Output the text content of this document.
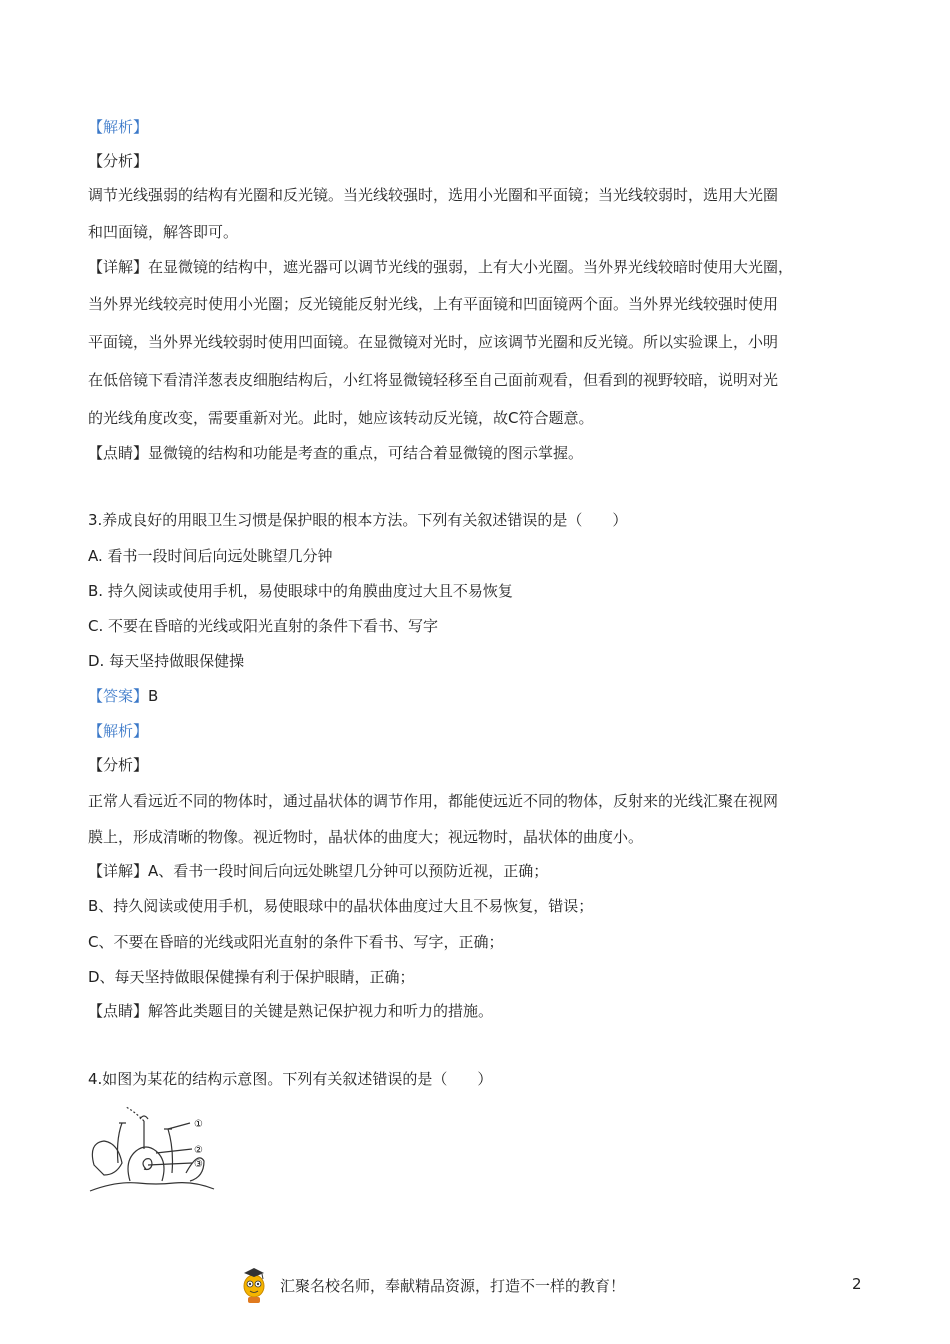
【解析】
【分析】
调节光线强弱的结构有光圈和反光镜。当光线较强时，选用小光圈和平面镜；当光线较弱时，选用大光圈
和凹面镜，解答即可。
【详解】在显微镜的结构中，遮光器可以调节光线的强弱，上有大小光圈。当外界光线较暗时使用大光圈，
当外界光线较亮时使用小光圈；反光镜能反射光线，上有平面镜和凹面镜两个面。当外界光线较强时使用
平面镜，当外界光线较弱时使用凹面镜。在显微镜对光时，应该调节光圈和反光镜。所以实验课上，小明
在低倍镜下看清洋葱表皮细胞结构后，小红将显微镜轻移至自己面前观看，但看到的视野较暗，说明对光
的光线角度改变，需要重新对光。此时，她应该转动反光镜，故C符合题意。
【点睛】显微镜的结构和功能是考查的重点，可结合着显微镜的图示掌握。
3.养成良好的用眼卫生习惯是保护眼的根本方法。下列有关叙述错误的是（　　）
A. 看书一段时间后向远处眺望几分钟
B. 持久阅读或使用手机，易使眼球中的角膜曲度过大且不易恢复
C. 不要在昏暗的光线或阳光直射的条件下看书、写字
D. 每天坚持做眼保健操
【答案】B
【解析】
【分析】
正常人看远近不同的物体时，通过晶状体的调节作用，都能使远近不同的物体，反射来的光线汇聚在视网
膜上，形成清晰的物像。视近物时，晶状体的曲度大；视远物时，晶状体的曲度小。
【详解】A、看书一段时间后向远处眺望几分钟可以预防近视，正确；
B、持久阅读或使用手机，易使眼球中的晶状体曲度过大且不易恢复，错误；
C、不要在昏暗的光线或阳光直射的条件下看书、写字，正确；
D、每天坚持做眼保健操有利于保护眼睛，正确；
【点睛】解答此类题目的关键是熟记保护视力和听力的措施。
4.如图为某花的结构示意图。下列有关叙述错误的是（　　）
①
②
③
汇聚名校名师，奉献精品资源，打造不一样的教育！	2
